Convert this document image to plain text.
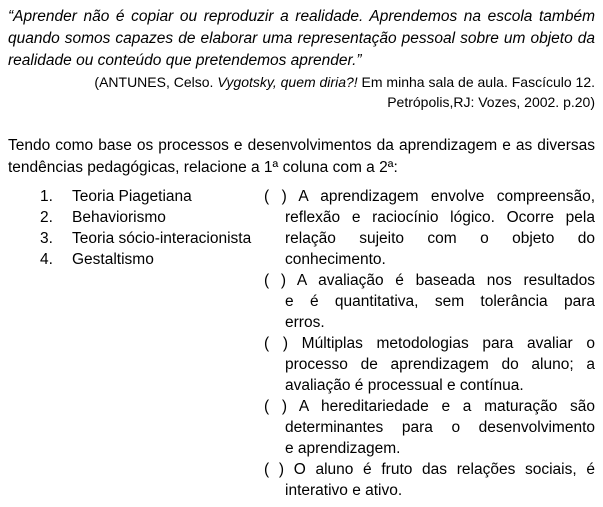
“Aprender não é copiar ou reproduzir a realidade. Aprendemos na escola também
quando somos capazes de elaborar uma representação pessoal sobre um objeto da
realidade ou conteúdo que pretendemos aprender.”
(ANTUNES, Celso. Vygotsky, quem diria?! Em minha sala de aula. Fascículo 12.
Petrópolis,RJ: Vozes, 2002. p.20)
Tendo como base os processos e desenvolvimentos da aprendizagem e as diversas
tendências pedagógicas, relacione a 1ª coluna com a 2ª:
1.	Teoria Piagetiana
2.	Behaviorismo
3.	Teoria sócio-interacionista
4.	Gestaltismo
( ) A aprendizagem envolve compreensão,
reflexão e raciocínio lógico. Ocorre pela
relação sujeito com o objeto do
conhecimento.
( ) A avaliação é baseada nos resultados
e é quantitativa, sem tolerância para
erros.
( ) Múltiplas metodologias para avaliar o
processo de aprendizagem do aluno; a
avaliação é processual e contínua.
( ) A hereditariedade e a maturação são
determinantes para o desenvolvimento
e aprendizagem.
( ) O aluno é fruto das relações sociais, é
interativo e ativo.
